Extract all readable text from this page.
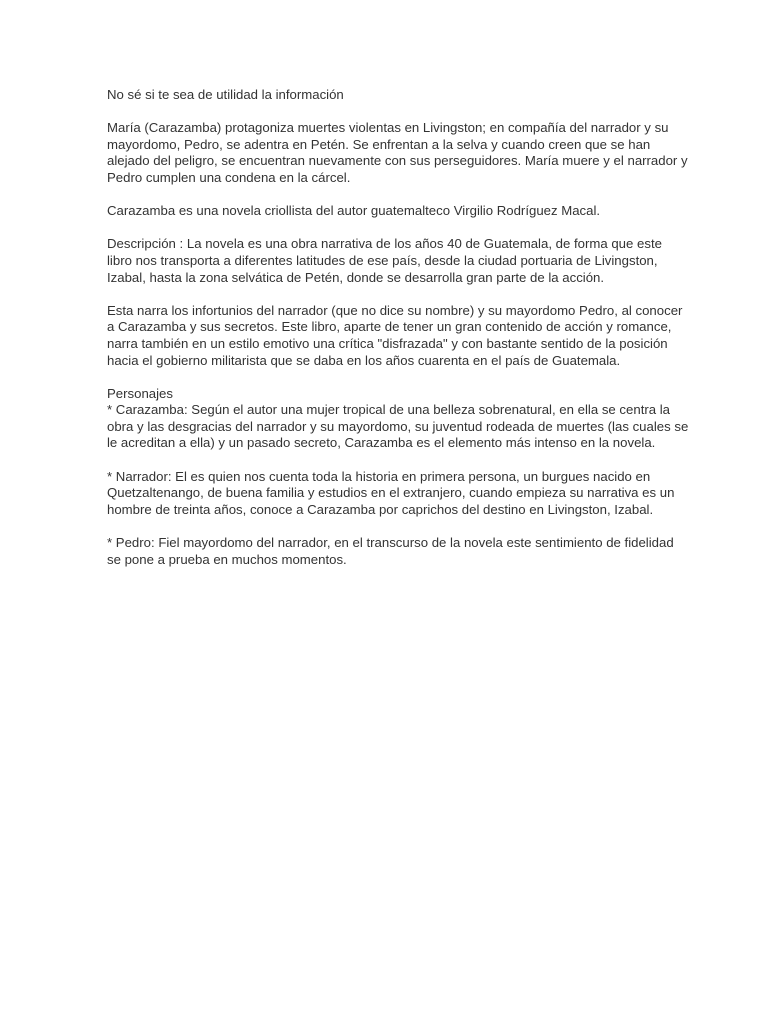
No sé si te sea de utilidad la información

María (Carazamba) protagoniza muertes violentas en Livingston; en compañía del narrador y su
mayordomo, Pedro, se adentra en Petén. Se enfrentan a la selva y cuando creen que se han
alejado del peligro, se encuentran nuevamente con sus perseguidores. María muere y el narrador y
Pedro cumplen una condena en la cárcel.

Carazamba es una novela criollista del autor guatemalteco Virgilio Rodríguez Macal.

Descripción : La novela es una obra narrativa de los años 40 de Guatemala, de forma que este
libro nos transporta a diferentes latitudes de ese país, desde la ciudad portuaria de Livingston,
Izabal, hasta la zona selvática de Petén, donde se desarrolla gran parte de la acción.

Esta narra los infortunios del narrador (que no dice su nombre) y su mayordomo Pedro, al conocer
a Carazamba y sus secretos. Este libro, aparte de tener un gran contenido de acción y romance,
narra también en un estilo emotivo una crítica "disfrazada" y con bastante sentido de la posición
hacia el gobierno militarista que se daba en los años cuarenta en el país de Guatemala.

Personajes
* Carazamba: Según el autor una mujer tropical de una belleza sobrenatural, en ella se centra la
obra y las desgracias del narrador y su mayordomo, su juventud rodeada de muertes (las cuales se
le acreditan a ella) y un pasado secreto, Carazamba es el elemento más intenso en la novela.

* Narrador: El es quien nos cuenta toda la historia en primera persona, un burgues nacido en
Quetzaltenango, de buena familia y estudios en el extranjero, cuando empieza su narrativa es un
hombre de treinta años, conoce a Carazamba por caprichos del destino en Livingston, Izabal.

* Pedro: Fiel mayordomo del narrador, en el transcurso de la novela este sentimiento de fidelidad
se pone a prueba en muchos momentos.
